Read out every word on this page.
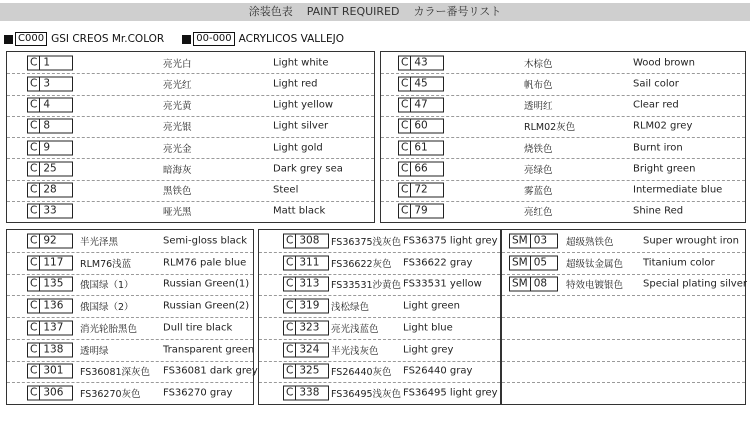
涂装色表    PAINT REQUIRED    カラー番号リスト
C000 GSI CREOS Mr.COLOR	00-000 ACRYLICOS VALLEJO
C 1	亮光白	Light white
C 3	亮光红	Light red
C 4	亮光黄	Light yellow
C 8	亮光银	Light silver
C 9	亮光金	Light gold
C 25	暗海灰	Dark grey sea
C 28	黑铁色	Steel
C 33	哑光黑	Matt black
C 43	木棕色	Wood brown
C 45	帆布色	Sail color
C 47	透明红	Clear red
C 60	RLM02灰色	RLM02 grey
C 61	烧铁色	Burnt iron
C 66	亮绿色	Bright green
C 72	雾蓝色	Intermediate blue
C 79	亮红色	Shine Red
C 92	半光泽黑	Semi-gloss black
C 117	RLM76浅蓝	RLM76 pale blue
C 135	俄国绿（1）	Russian Green(1)
C 136	俄国绿（2）	Russian Green(2)
C 137	消光轮胎黑色	Dull tire black
C 138	透明绿	Transparent green
C 301	FS36081深灰色 FS36081 dark grey
C 306	FS36270灰色 FS36270 gray
C 308	FS36375浅灰色 FS36375 light grey
C 311	FS36622灰色 FS36622 gray
C 313	FS33531沙黄色 FS33531 yellow
C 319	浅松绿色	Light green
C 323	亮光浅蓝色 Light blue
C 324	半光浅灰色 Light grey
C 325	FS26440灰色 FS26440 gray
C 338	FS36495浅灰色 FS36495 light grey
SM 03	超级熟铁色	Super wrought iron
SM 05	超级钛金属色 Titanium color
SM 08	特效电镀银色 Special plating silver
